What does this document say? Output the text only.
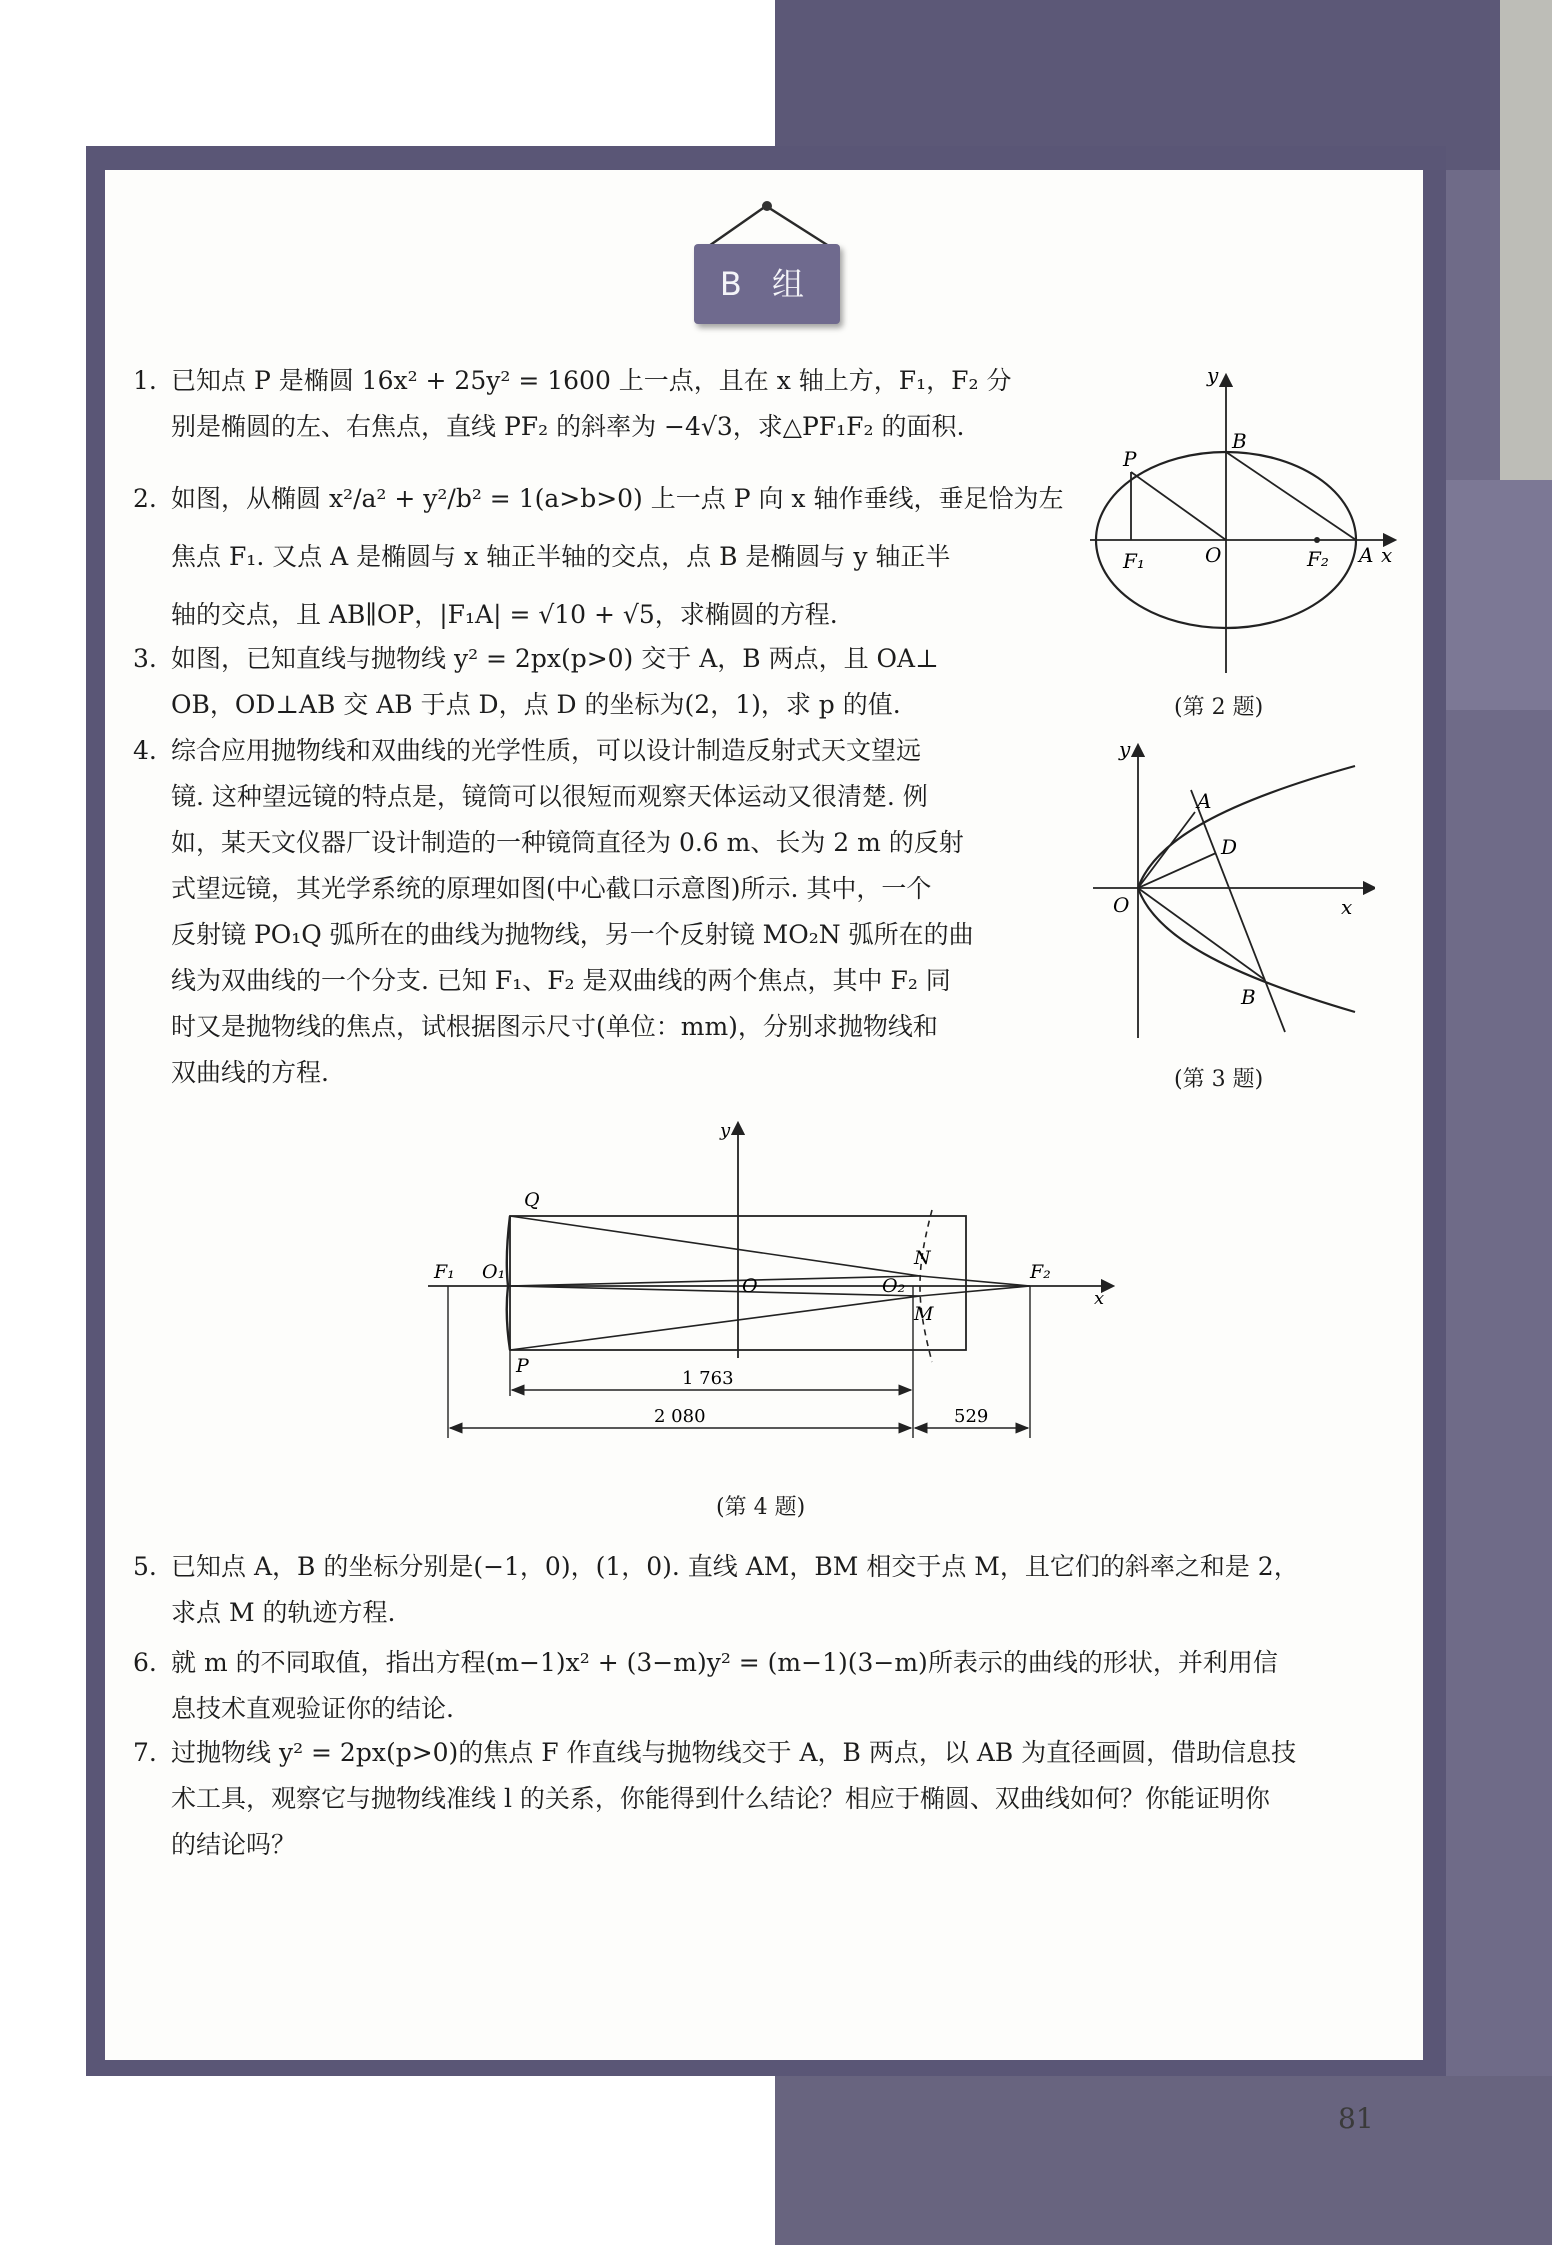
B 组
1. 已知点 P 是椭圆 16x² + 25y² = 1600 上一点，且在 x 轴上方，F₁，F₂ 分
别是椭圆的左、右焦点，直线 PF₂ 的斜率为 −4√3，求△PF₁F₂ 的面积.
2. 如图，从椭圆 x²/a² + y²/b² = 1(a>b>0) 上一点 P 向 x 轴作垂线，垂足恰为左
焦点 F₁. 又点 A 是椭圆与 x 轴正半轴的交点，点 B 是椭圆与 y 轴正半
轴的交点，且 AB∥OP，|F₁A| = √10 + √5，求椭圆的方程.
3. 如图，已知直线与抛物线 y² = 2px(p>0) 交于 A，B 两点，且 OA⊥
OB，OD⊥AB 交 AB 于点 D，点 D 的坐标为(2，1)，求 p 的值.
4. 综合应用抛物线和双曲线的光学性质，可以设计制造反射式天文望远
镜. 这种望远镜的特点是，镜筒可以很短而观察天体运动又很清楚. 例
如，某天文仪器厂设计制造的一种镜筒直径为 0.6 m、长为 2 m 的反射
式望远镜，其光学系统的原理如图(中心截口示意图)所示. 其中，一个
反射镜 PO₁Q 弧所在的曲线为抛物线，另一个反射镜 MO₂N 弧所在的曲
线为双曲线的一个分支. 已知 F₁、F₂ 是双曲线的两个焦点，其中 F₂ 同
时又是抛物线的焦点，试根据图示尺寸(单位：mm)，分别求抛物线和
双曲线的方程.
y
P
B
F₁	O	F₂ A x
(第 2 题)
y
A
D
O	x
B
(第 3 题)
y
Q
F₁ O₁
O	O₂
N
M
F₂
x
P
1 763
2 080	529
(第 4 题)
5. 已知点 A，B 的坐标分别是(−1，0)，(1，0). 直线 AM，BM 相交于点 M，且它们的斜率之和是 2，
求点 M 的轨迹方程.
6. 就 m 的不同取值，指出方程(m−1)x² + (3−m)y² = (m−1)(3−m)所表示的曲线的形状，并利用信
息技术直观验证你的结论.
7. 过抛物线 y² = 2px(p>0)的焦点 F 作直线与抛物线交于 A，B 两点，以 AB 为直径画圆，借助信息技
术工具，观察它与抛物线准线 l 的关系，你能得到什么结论？相应于椭圆、双曲线如何？你能证明你
的结论吗？
81
